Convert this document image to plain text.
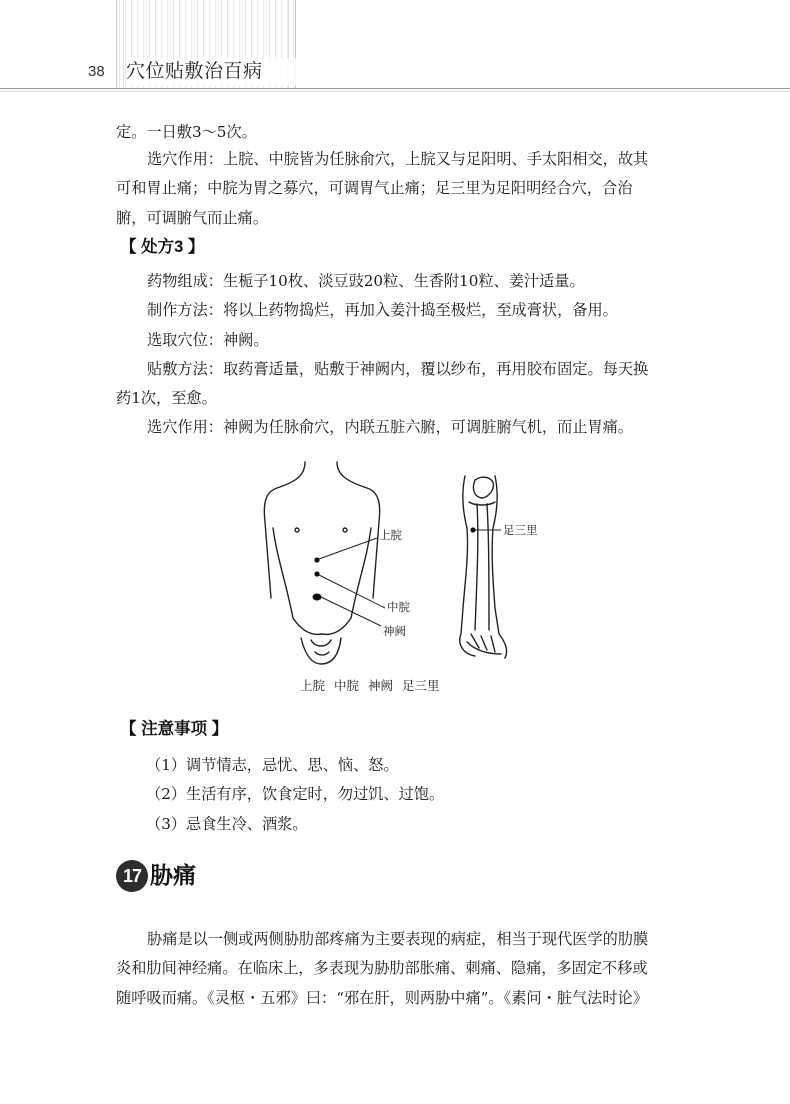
38	穴位贴敷治百病
定。一日敷3～5次。

选穴作用：上脘、中脘皆为任脉俞穴，上脘又与足阳明、手太阳相交，故其

可和胃止痛；中脘为胃之募穴，可调胃气止痛；足三里为足阳明经合穴，合治

腑，可调腑气而止痛。

【 处方3 】

药物组成：生栀子10枚、淡豆豉20粒、生香附10粒、姜汁适量。

制作方法：将以上药物捣烂，再加入姜汁捣至极烂，至成膏状，备用。

选取穴位：神阙。

贴敷方法：取药膏适量，贴敷于神阙内，覆以纱布，再用胶布固定。每天换

药1次，至愈。

选穴作用：神阙为任脉俞穴，内联五脏六腑，可调脏腑气机，而止胃痛。

上脘
中脘
神阙
足三里
上脘 中脘 神阙 足三里
【 注意事项 】

（1）调节情志，忌忧、思、恼、怒。

（2）生活有序，饮食定时，勿过饥、过饱。

（3）忌食生冷、酒浆。

17 胁痛

胁痛是以一侧或两侧胁肋部疼痛为主要表现的病症，相当于现代医学的肋膜

炎和肋间神经痛。在临床上，多表现为胁肋部胀痛、刺痛、隐痛，多固定不移或

随呼吸而痛。《灵枢・五邪》曰：“邪在肝，则两胁中痛”。《素问・脏气法时论》
